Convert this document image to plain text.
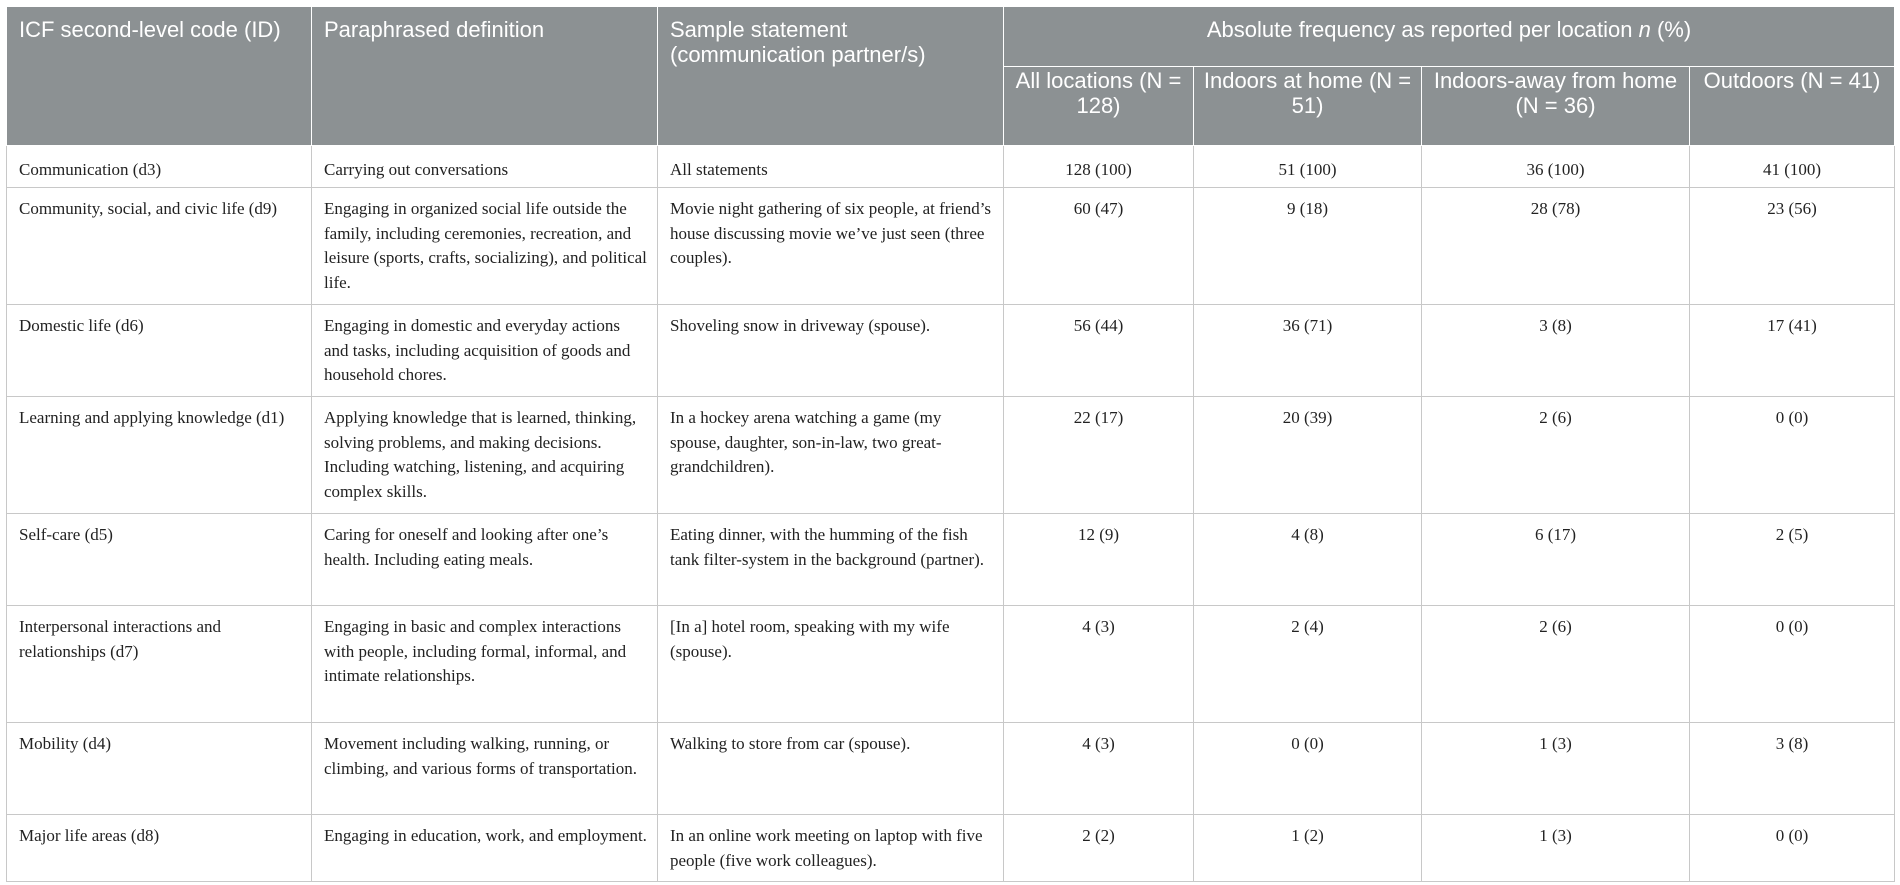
ICF second-level code (ID)	Paraphrased definition	Sample statement (communication partner/s)	Absolute frequency as reported per location n (%)			
			All locations (N = 128)	Indoors at home (N = 51)	Indoors-away from home (N = 36)	Outdoors (N = 41)
Communication (d3)	Carrying out conversations	All statements	128 (100)	51 (100)	36 (100)	41 (100)
Community, social, and civic life (d9)	Engaging in organized social life outside the family, including ceremonies, recreation, and leisure (sports, crafts, socializing), and political life.	Movie night gathering of six people, at friend’s house discussing movie we’ve just seen (three couples).	60 (47)	9 (18)	28 (78)	23 (56)
Domestic life (d6)	Engaging in domestic and everyday actions and tasks, including acquisition of goods and household chores.	Shoveling snow in driveway (spouse).	56 (44)	36 (71)	3 (8)	17 (41)
Learning and applying knowledge (d1)	Applying knowledge that is learned, thinking, solving problems, and making decisions. Including watching, listening, and acquiring complex skills.	In a hockey arena watching a game (my spouse, daughter, son-in-law, two great-grandchildren).	22 (17)	20 (39)	2 (6)	0 (0)
Self-care (d5)	Caring for oneself and looking after one’s health. Including eating meals.	Eating dinner, with the humming of the fish tank filter-system in the background (partner).	12 (9)	4 (8)	6 (17)	2 (5)
Interpersonal interactions and relationships (d7)	Engaging in basic and complex interactions with people, including formal, informal, and intimate relationships.	[In a] hotel room, speaking with my wife (spouse).	4 (3)	2 (4)	2 (6)	0 (0)
Mobility (d4)	Movement including walking, running, or climbing, and various forms of transportation.	Walking to store from car (spouse).	4 (3)	0 (0)	1 (3)	3 (8)
Major life areas (d8)	Engaging in education, work, and employment.	In an online work meeting on laptop with five people (five work colleagues).	2 (2)	1 (2)	1 (3)	0 (0)
